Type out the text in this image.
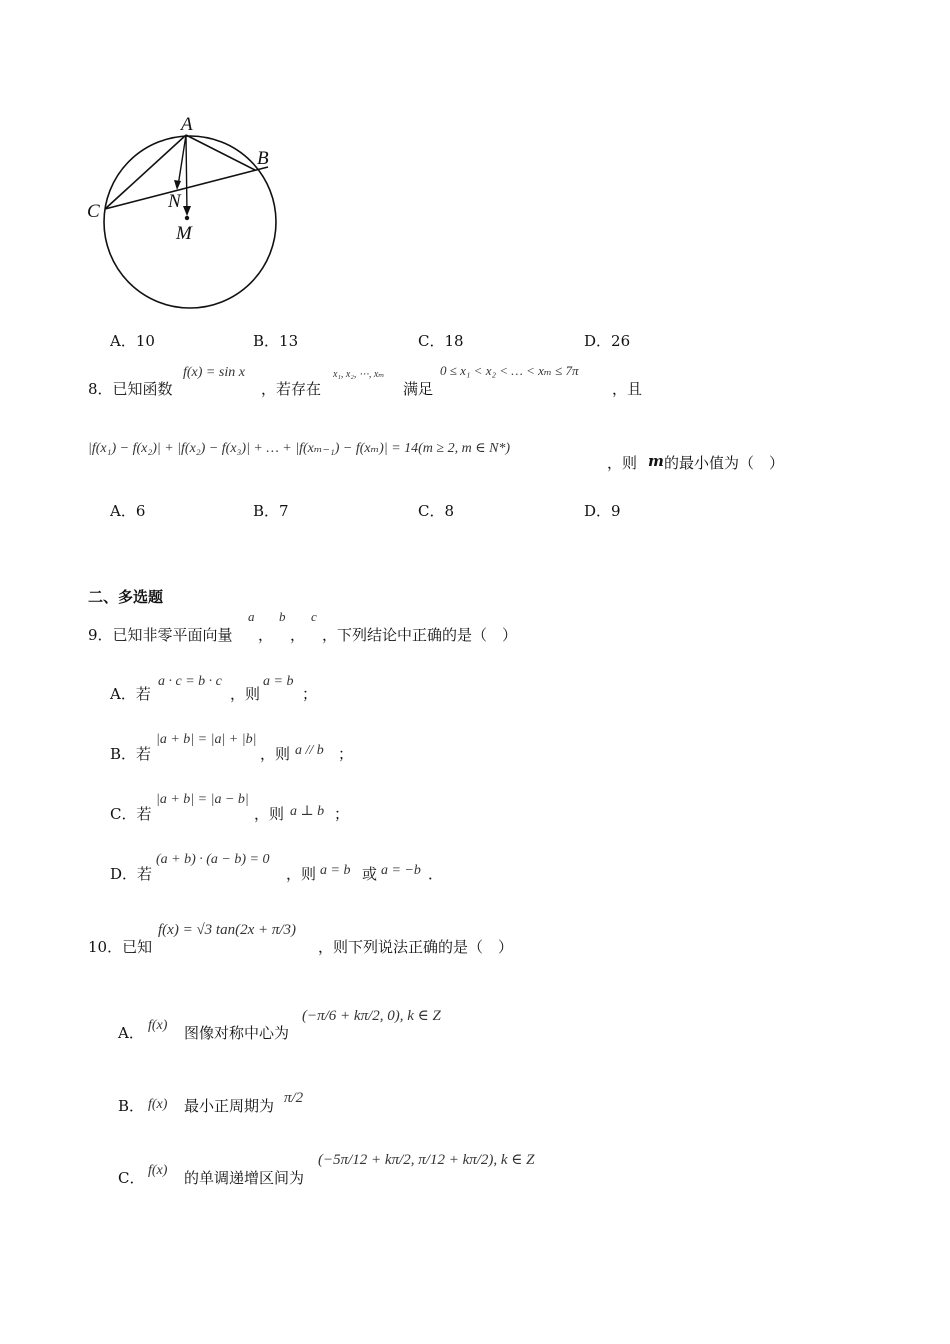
A
B
C	N
M
A．10	B．13	C．18	D．26
8．已知函数
f(x) = sin x
，若存在
x₁, x₂, ⋯, xₘ
满足
0 ≤ x₁ < x₂ < … < xₘ ≤ 7π
，且
|f(x₁) − f(x₂)| + |f(x₂) − f(x₃)| + … + |f(xₘ₋₁) − f(xₘ)| = 14(m ≥ 2, m ∈ N*)
，则 m 的最小值为（　）
A．6	B．7	C．8	D．9
二、多选题
9．已知非零平面向量
a
，
b
，
c
，下列结论中正确的是（　）
A．若
a · c = b · c
，则
a = b
；
B．若
|a + b| = |a| + |b|
，则 a // b ；
C．若
|a + b| = |a − b|
，则 a ⊥ b ；
D．若
(a + b) · (a − b) = 0
，则 a = b 或 a = −b ．
10．已知
f(x) = √3 tan(2x + π/3)
，则下列说法正确的是（　）
A． f(x) 图像对称中心为
(−π/6 + kπ/2, 0), k ∈ Z
B． f(x) 最小正周期为 π/2
C． f(x) 的单调递增区间为
(−5π/12 + kπ/2, π/12 + kπ/2), k ∈ Z
